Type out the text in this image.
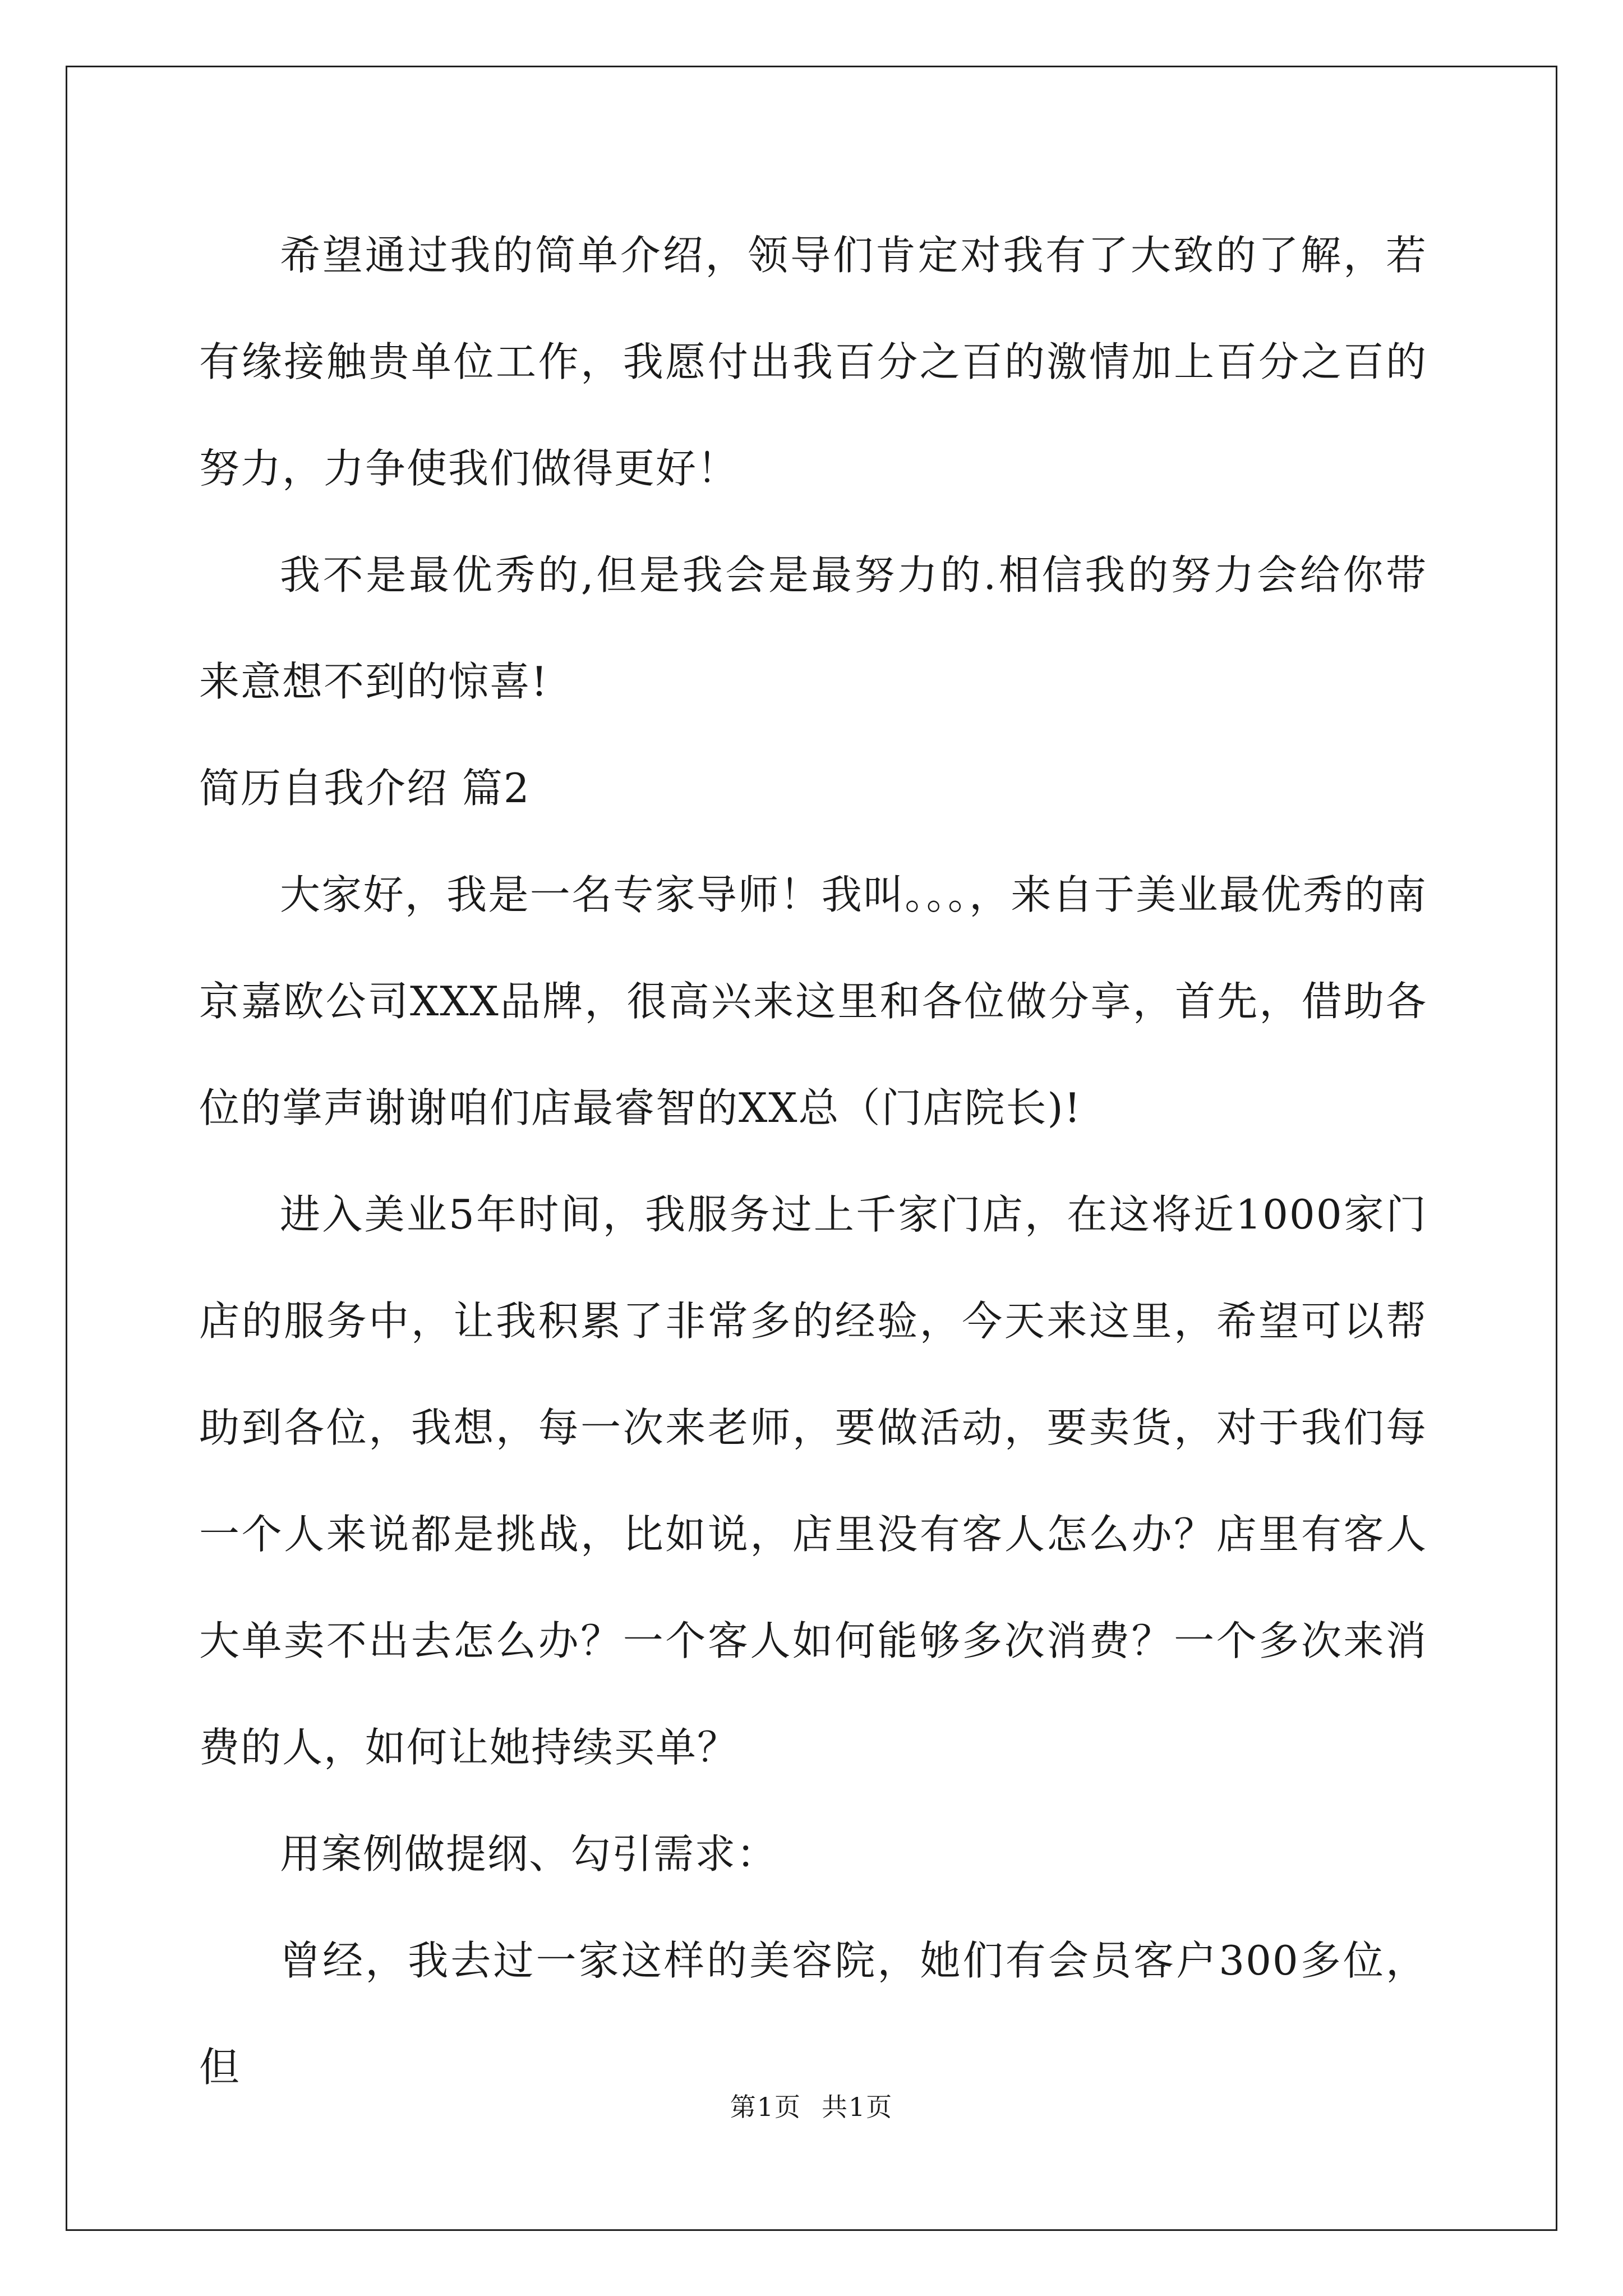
希望通过我的简单介绍，领导们肯定对我有了大致的了解，若有缘接触贵单位工作，我愿付出我百分之百的激情加上百分之百的努力，力争使我们做得更好！

我不是最优秀的,但是我会是最努力的.相信我的努力会给你带来意想不到的惊喜!

简历自我介绍 篇2

大家好，我是一名专家导师！我叫。。。，来自于美业最优秀的南京嘉欧公司XXX品牌，很高兴来这里和各位做分享，首先，借助各位的掌声谢谢咱们店最睿智的XX总（门店院长)!

进入美业5年时间，我服务过上千家门店，在这将近1000家门店的服务中，让我积累了非常多的经验，今天来这里，希望可以帮助到各位，我想，每一次来老师，要做活动，要卖货，对于我们每一个人来说都是挑战，比如说，店里没有客人怎么办？店里有客人大单卖不出去怎么办？一个客人如何能够多次消费？一个多次来消费的人，如何让她持续买单？

用案例做提纲、勾引需求：

曾经，我去过一家这样的美容院，她们有会员客户300多位，但

第1页 共1页
